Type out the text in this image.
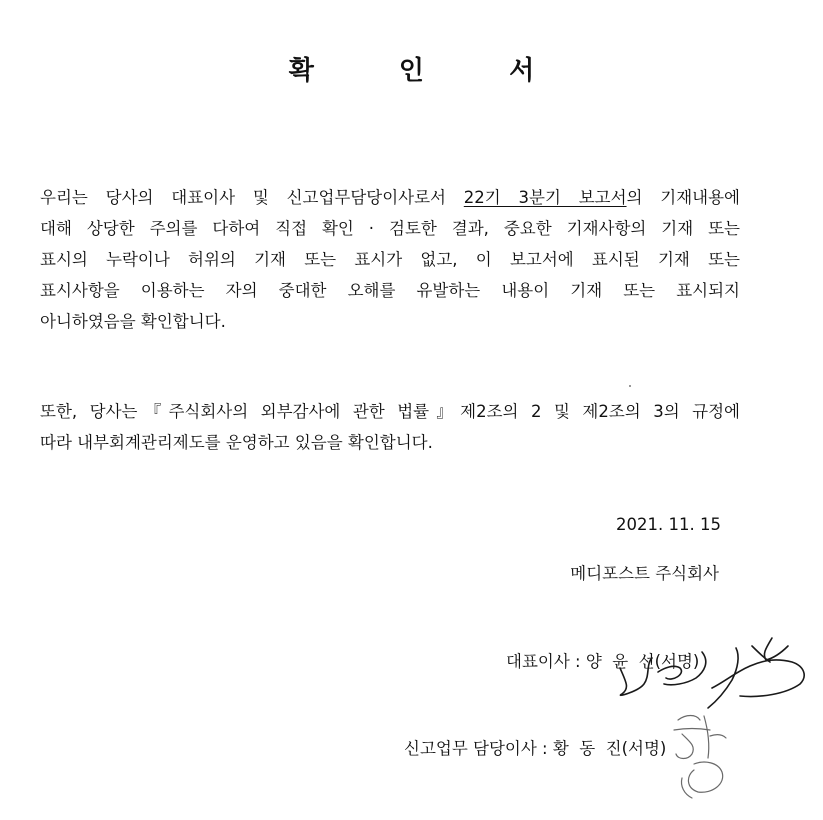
확 인 서
우리는 당사의 대표이사 및 신고업무담당이사로서 22기 3분기 보고서의 기재내용에
대해 상당한 주의를 다하여 직접 확인 · 검토한 결과, 중요한 기재사항의 기재 또는
표시의 누락이나 허위의 기재 또는 표시가 없고, 이 보고서에 표시된 기재 또는
표시사항을 이용하는 자의 중대한 오해를 유발하는 내용이 기재 또는 표시되지
아니하였음을 확인합니다.
또한, 당사는『주식회사의 외부감사에 관한 법률』제2조의 2 및 제2조의 3의 규정에
따라 내부회계관리제도를 운영하고 있음을 확인합니다.
2021. 11. 15
메디포스트 주식회사
대표이사 : 양  윤  선(서명)
신고업무 담당이사 : 황  동  진(서명)
